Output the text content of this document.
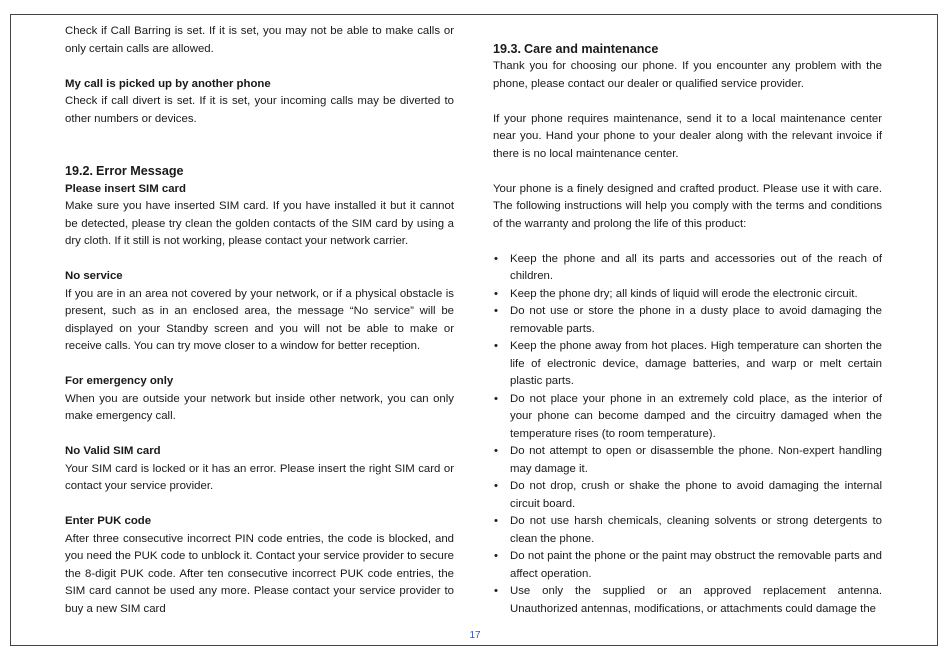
Check if Call Barring is set. If it is set, you may not be able to make calls or only certain calls are allowed.

My call is picked up by another phone

Check if call divert is set. If it is set, your incoming calls may be diverted to other numbers or devices.

19.2. Error Message

Please insert SIM card

Make sure you have inserted SIM card. If you have installed it but it cannot be detected, please try clean the golden contacts of the SIM card by using a dry cloth. If it still is not working, please contact your network carrier.

No service

If you are in an area not covered by your network, or if a physical obstacle is present, such as in an enclosed area, the message “No service” will be displayed on your Standby screen and you will not be able to make or receive calls. You can try move closer to a window for better reception.

For emergency only

When you are outside your network but inside other network, you can only make emergency call.

No Valid SIM card

Your SIM card is locked or it has an error. Please insert the right SIM card or contact your service provider.

Enter PUK code

After three consecutive incorrect PIN code entries, the code is blocked, and you need the PUK code to unblock it. Contact your service provider to secure the 8-digit PUK code. After ten consecutive incorrect PUK code entries, the SIM card cannot be used any more. Please contact your service provider to buy a new SIM card

19.3. Care and maintenance

Thank you for choosing our phone. If you encounter any problem with the phone, please contact our dealer or qualified service provider.

If your phone requires maintenance, send it to a local maintenance center near you. Hand your phone to your dealer along with the relevant invoice if there is no local maintenance center.

Your phone is a finely designed and crafted product. Please use it with care. The following instructions will help you comply with the terms and conditions of the warranty and prolong the life of this product:

• Keep the phone and all its parts and accessories out of the reach of children.
• Keep the phone dry; all kinds of liquid will erode the electronic circuit.
• Do not use or store the phone in a dusty place to avoid damaging the removable parts.
• Keep the phone away from hot places. High temperature can shorten the life of electronic device, damage batteries, and warp or melt certain plastic parts.
• Do not place your phone in an extremely cold place, as the interior of your phone can become damped and the circuitry damaged when the temperature rises (to room temperature).
• Do not attempt to open or disassemble the phone. Non-expert handling may damage it.
• Do not drop, crush or shake the phone to avoid damaging the internal circuit board.
• Do not use harsh chemicals, cleaning solvents or strong detergents to clean the phone.
• Do not paint the phone or the paint may obstruct the removable parts and affect operation.
• Use only the supplied or an approved replacement antenna. Unauthorized antennas, modifications, or attachments could damage the
17
